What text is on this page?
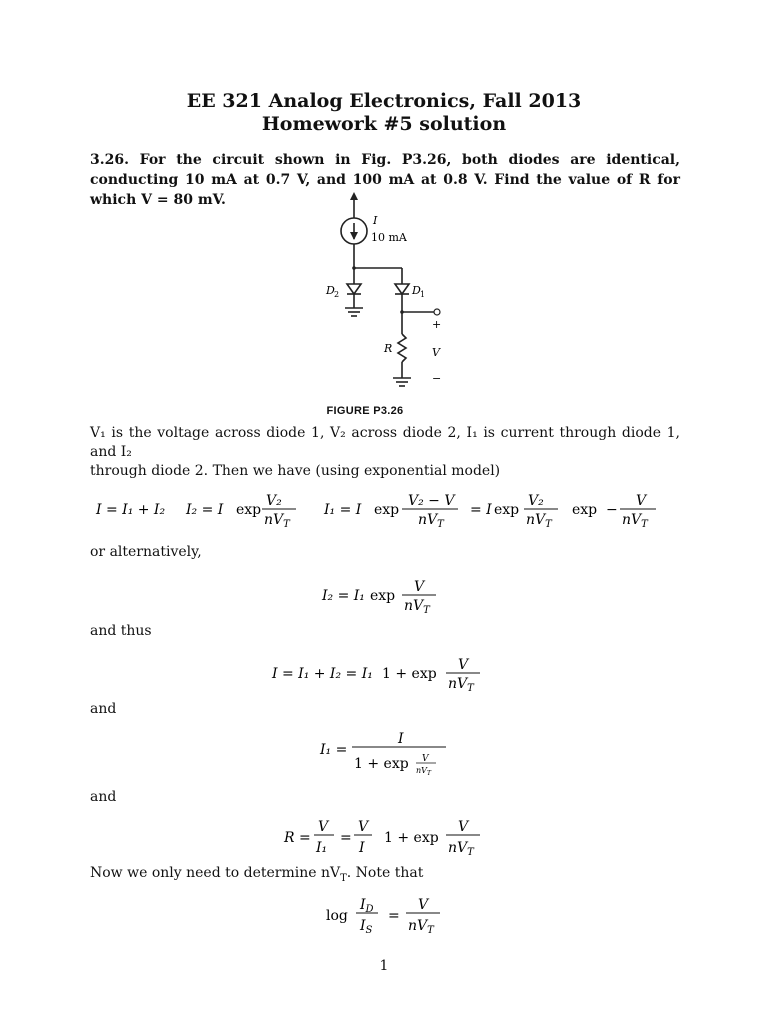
EE 321 Analog Electronics, Fall 2013
Homework #5 solution
3.26. For the circuit shown in Fig. P3.26, both diodes are identical, conducting 10 mA at 0.7 V, and 100 mA at 0.8 V. Find the value of R for which V = 80 mV.
I
10 mA
D 2	D 1
R
+
V
−
FIGURE P3.26
V₁ is the voltage across diode 1, V₂ across diode 2, I₁ is current through diode 1, and I₂
through diode 2. Then we have (using exponential model)
I = I₁ + I₂ I₂ = I exp
V₂
$nV_T$
I₁ = I exp
V₂ − V
$nV_T$
= I exp
V₂
$nV_T$
exp −
V
$nV_T$
or alternatively,
I₂ = I₁ exp
V
$nV_T$
and thus
I = I₁ + I₂ = I₁ 1 + exp
V
$nV_T$
and
I₁ =
I
1 + exp V
$nV_T$
and
R =
V
I₁
=
V
I
1 + exp
V
$nV_T$
Now we only need to determine $nV_T$. Note that
log
$I_D$
$I_S$
=
V
$nV_T$
1
